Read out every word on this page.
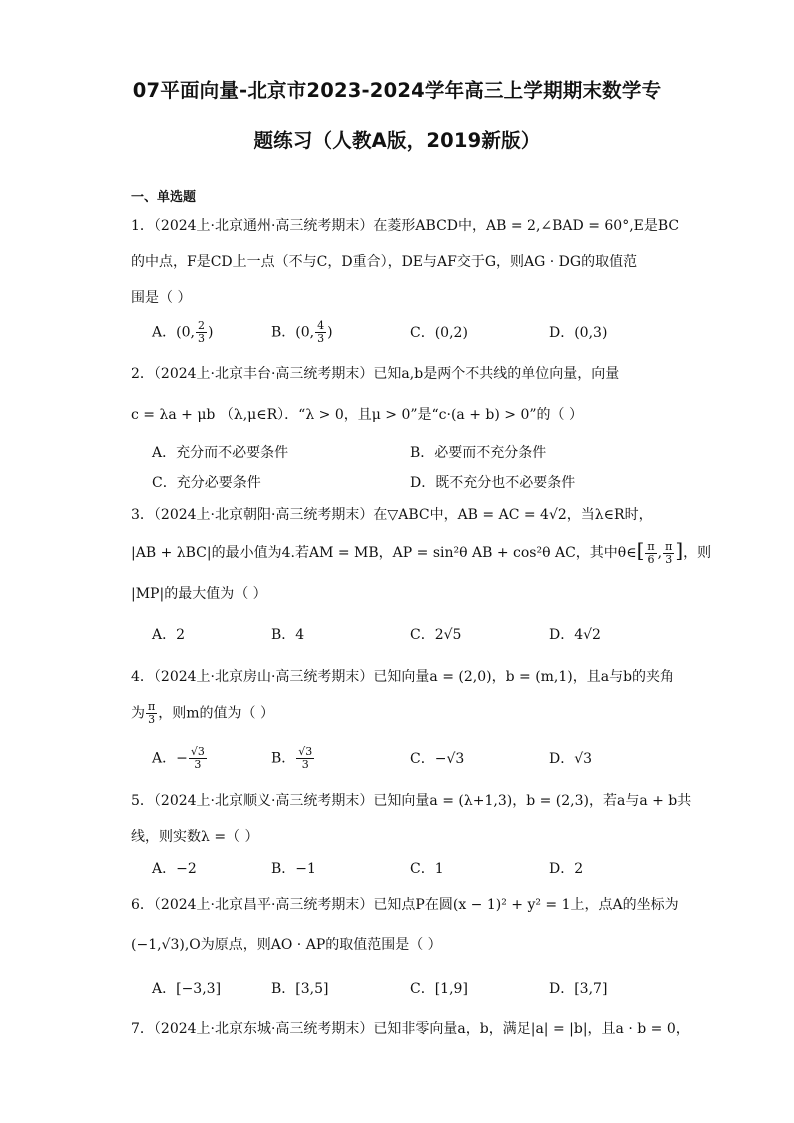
07平面向量-北京市2023-2024学年高三上学期期末数学专
题练习（人教A版，2019新版）
一、单选题
1．（2024上·北京通州·高三统考期末）在菱形ABCD中，AB = 2,∠BAD = 60°,E是BC
的中点，F是CD上一点（不与C，D重合），DE与AF交于G，则AG · DG的取值范
围是（ ）
A．(0, $\frac{2}{3}$ )	B．(0, $\frac{4}{3}$ )	C．(0,2)	D．(0,3)
2．（2024上·北京丰台·高三统考期末）已知a,b是两个不共线的单位向量，向量
c = λa + μb （λ,μ∈R）．“λ > 0，且μ > 0”是“c·(a + b) > 0”的（ ）
A．充分而不必要条件	B．必要而不充分条件
C．充分必要条件	D．既不充分也不必要条件
3．（2024上·北京朝阳·高三统考期末）在▽ABC中，AB = AC = 4√2，当λ∈R时，
|AB + λBC|的最小值为4.若AM = MB，AP = sin²θ AB + cos²θ AC，其中θ∈[ $\frac{\pi}{6}$ , $\frac{\pi}{3}$ ]，则
|MP|的最大值为（ ）
A．2	B．4	C．2√5	D．4√2
4．（2024上·北京房山·高三统考期末）已知向量a = (2,0)，b = (m,1)，且a与b的夹角
为 $\frac{\pi}{3}$ ，则m的值为（ ）
A．− $\frac{√3}{3}$	B． $\frac{√3}{3}$	C．−√3	D．√3
5．（2024上·北京顺义·高三统考期末）已知向量a = (λ+1,3)，b = (2,3)，若a与a + b共
线，则实数λ =（ ）
A．−2	B．−1	C．1	D．2
6．（2024上·北京昌平·高三统考期末）已知点P在圆(x − 1)² + y² = 1上，点A的坐标为
(−1,√3),O为原点，则AO · AP的取值范围是（ ）
A．[−3,3]	B．[3,5]	C．[1,9]	D．[3,7]
7．（2024上·北京东城·高三统考期末）已知非零向量a，b，满足|a| = |b|，且a · b = 0，
